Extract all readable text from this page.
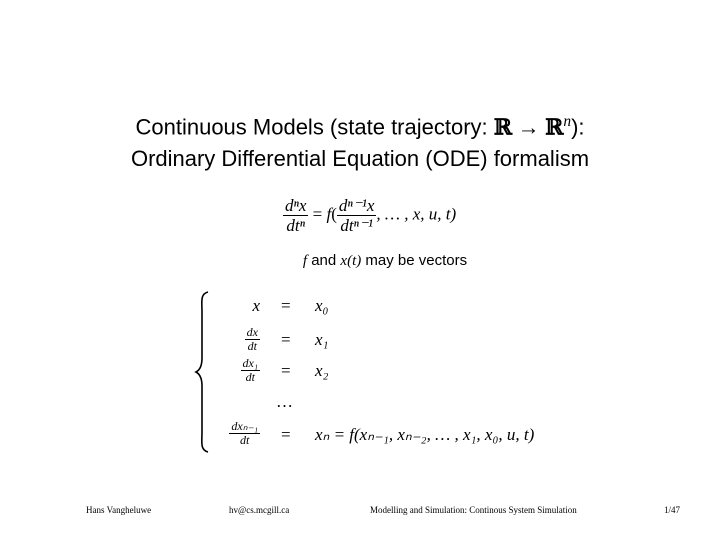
Continuous Models (state trajectory: ℝ → ℝ$^n$):
Ordinary Differential Equation (ODE) formalism
$\frac{\text{dⁿx}}{\text{dtⁿ}} = f( \frac{\text{dⁿ⁻¹x}}{\text{dtⁿ⁻¹}}$ , … , x, u, t)
f and x(t) may be vectors
x = x₀
$\frac{dx}{dt} = x_1$
$\frac{\text{dx₁}}{dt} = x_2$
…
$\frac{\text{dxₙ₋₁}}{dt} = x_n = f(x_{n-1}$, xₙ₋₂, … , x₁, x₀, u, t)
Hans Vangheluwe	hv@cs.mcgill.ca	Modelling and Simulation: Continous System Simulation	1/47
